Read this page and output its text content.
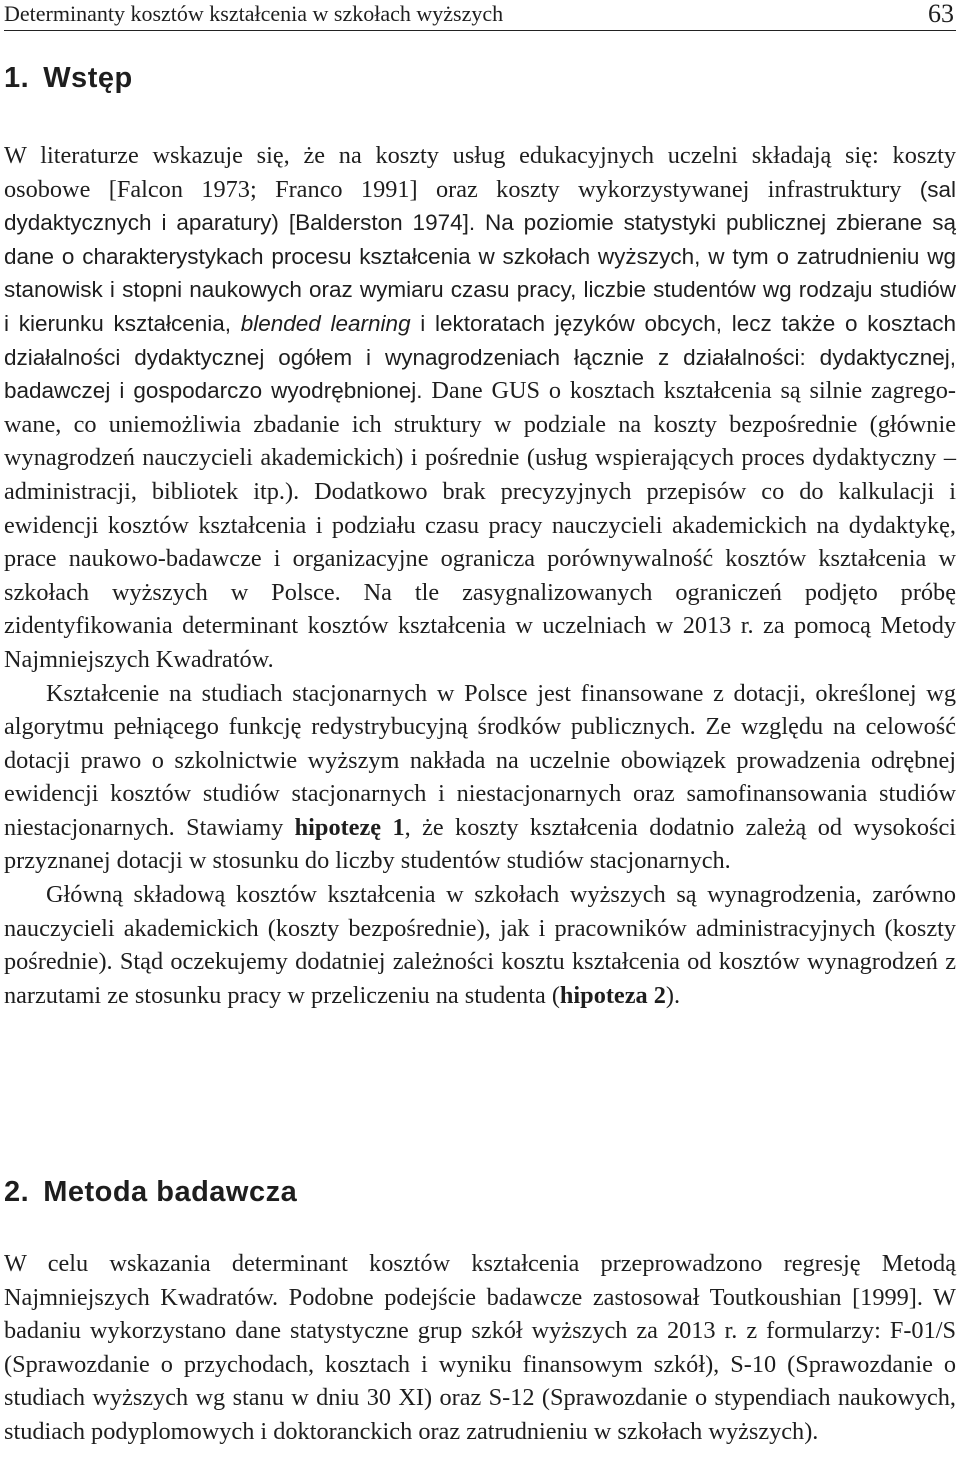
Determinanty kosztów kształcenia w szkołach wyższych	63
1. Wstęp

W literaturze wskazuje się, że na koszty usług edukacyjnych uczelni składają się: koszty osobowe [Falcon 1973; Franco 1991] oraz koszty wykorzystywanej infrastruktury (sal dydaktycznych i aparatury) [Balderston 1974]. Na poziomie statystyki publicznej zbierane są dane o charakterystykach procesu kształcenia w szkołach wyższych, w tym o zatrudnieniu wg stanowisk i stopni naukowych oraz wymiaru czasu pracy, liczbie studentów wg rodzaju studiów i kierunku kształcenia, blended learning i lektoratach języków obcych, lecz także o kosztach działalności dydaktycznej ogółem i wynagrodzeniach łącznie z działalności: dydaktycznej, badawczej i gospodarczo wyodrębnionej. Dane GUS o kosztach kształcenia są silnie zagregowane, co uniemożliwia zbadanie ich struktury w podziale na koszty bezpośrednie (głównie wynagrodzeń nauczycieli akademickich) i pośrednie (usług wspierających proces dydaktyczny – administracji, bibliotek itp.). Dodatkowo brak precyzyjnych przepisów co do kalkulacji i ewidencji kosztów kształcenia i podziału czasu pracy nauczycieli akademickich na dydaktykę, prace naukowo-badawcze i organizacyjne ogranicza porównywalność kosztów kształcenia w szkołach wyższych w Polsce. Na tle zasygnalizowanych ograniczeń podjęto próbę zidentyfikowania determinant kosztów kształcenia w uczelniach w 2013 r. za pomocą Metody Najmniejszych Kwadratów.

Kształcenie na studiach stacjonarnych w Polsce jest finansowane z dotacji, określonej wg algorytmu pełniącego funkcję redystrybucyjną środków publicznych. Ze względu na celowość dotacji prawo o szkolnictwie wyższym nakłada na uczelnie obowiązek prowadzenia odrębnej ewidencji kosztów studiów stacjonarnych i niestacjonarnych oraz samofinansowania studiów niestacjonarnych. Stawiamy hipotezę 1, że koszty kształcenia dodatnio zależą od wysokości przyznanej dotacji w stosunku do liczby studentów studiów stacjonarnych.

Główną składową kosztów kształcenia w szkołach wyższych są wynagrodzenia, zarówno nauczycieli akademickich (koszty bezpośrednie), jak i pracowników administracyjnych (koszty pośrednie). Stąd oczekujemy dodatniej zależności kosztu kształcenia od kosztów wynagrodzeń z narzutami ze stosunku pracy w przeliczeniu na studenta (hipoteza 2).

2. Metoda badawcza

W celu wskazania determinant kosztów kształcenia przeprowadzono regresję Metodą Najmniejszych Kwadratów. Podobne podejście badawcze zastosował Toutkoushian [1999]. W badaniu wykorzystano dane statystyczne grup szkół wyższych za 2013 r. z formularzy: F-01/S (Sprawozdanie o przychodach, kosztach i wyniku finansowym szkół), S-10 (Sprawozdanie o studiach wyższych wg stanu w dniu 30 XI) oraz S-12 (Sprawozdanie o stypendiach naukowych, studiach podyplomowych i doktoranckich oraz zatrudnieniu w szkołach wyższych).
